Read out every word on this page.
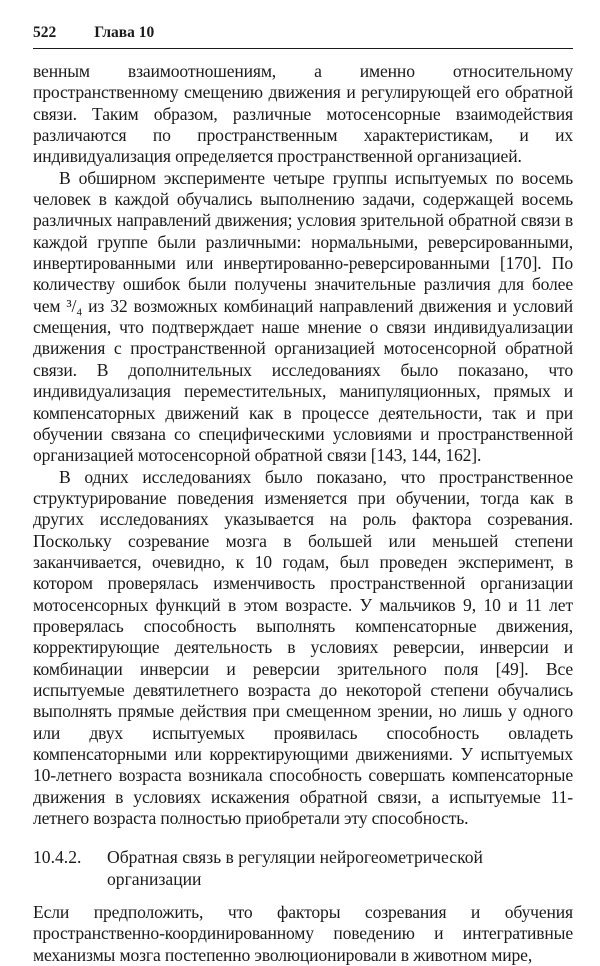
522 Глава 10

венным взаимоотношениям, а именно относительному пространственному смещению движения и регулирующей его обратной связи. Таким образом, различные мотосенсорные взаимодействия различаются по пространственным характеристикам, и их индивидуализация определяется пространственной организацией.

В обширном эксперименте четыре группы испытуемых по восемь человек в каждой обучались выполнению задачи, содержащей восемь различных направлений движения; условия зрительной обратной связи в каждой группе были различными: нормальными, реверсированными, инвертированными или инвертированно-реверсированными [170]. По количеству ошибок были получены значительные различия для более чем ³/₄ из 32 возможных комбинаций направлений движения и условий смещения, что подтверждает наше мнение о связи индивидуализации движения с пространственной организацией мотосенсорной обратной связи. В дополнительных исследованиях было показано, что индивидуализация переместительных, манипуляционных, прямых и компенсаторных движений как в процессе деятельности, так и при обучении связана со специфическими условиями и пространственной организацией мотосенсорной обратной связи [143, 144, 162].

В одних исследованиях было показано, что пространственное структурирование поведения изменяется при обучении, тогда как в других исследованиях указывается на роль фактора созревания. Поскольку созревание мозга в большей или меньшей степени заканчивается, очевидно, к 10 годам, был проведен эксперимент, в котором проверялась изменчивость пространственной организации мотосенсорных функций в этом возрасте. У мальчиков 9, 10 и 11 лет проверялась способность выполнять компенсаторные движения, корректирующие деятельность в условиях реверсии, инверсии и комбинации инверсии и реверсии зрительного поля [49]. Все испытуемые девятилетнего возраста до некоторой степени обучались выполнять прямые действия при смещенном зрении, но лишь у одного или двух испытуемых проявилась способность овладеть компенсаторными или корректирующими движениями. У испытуемых 10-летнего возраста возникала способность совершать компенсаторные движения в условиях искажения обратной связи, а испытуемые 11-летнего возраста полностью приобретали эту способность.

10.4.2.	Обратная связь в регуляции нейрогеометрической организации

Если предположить, что факторы созревания и обучения пространственно-координированному поведению и интегративные механизмы мозга постепенно эволюционировали в животном мире,
